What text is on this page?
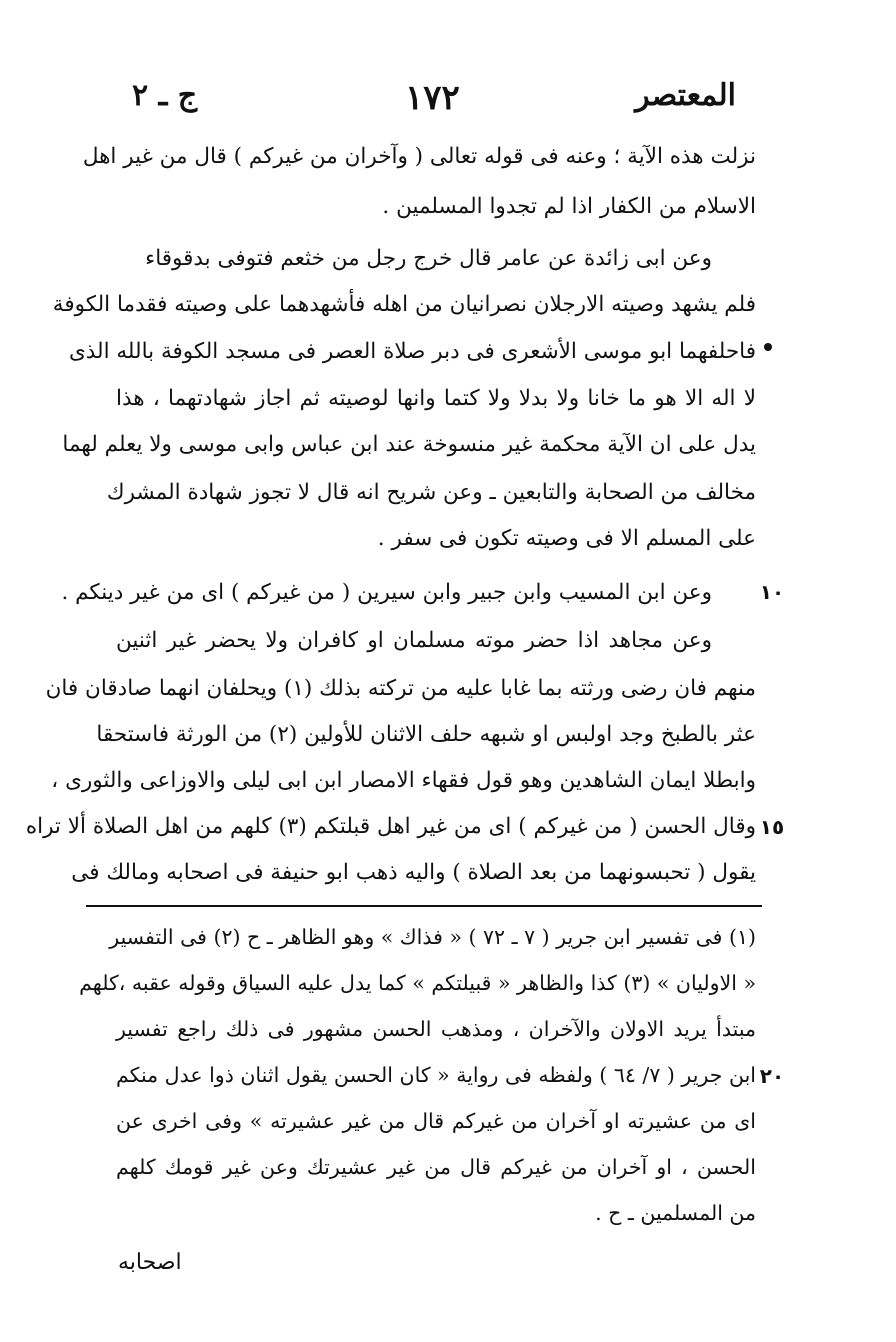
المعتصر
١٧٢
ج ـ ٢
نزلت هذه الآية ؛ وعنه فى قوله تعالى ( وآخران من غيركم ) قال من غير اهل
الاسلام من الكفار اذا لم تجدوا المسلمين .
وعن ابى زائدة عن عامر قال خرج رجل من خثعم فتوفى بدقوقاء
فلم يشهد وصيته الارجلان نصرانيان من اهله فأشهدهما على وصيته فقدما الكوفة
فاحلفهما ابو موسى الأشعرى فى دبر صلاة العصر فى مسجد الكوفة بالله الذى
لا اله الا هو ما خانا ولا بدلا ولا كتما وانها لوصيته ثم اجاز شهادتهما ، هذا
يدل على ان الآية محكمة غير منسوخة عند ابن عباس وابى موسى ولا يعلم لهما
مخالف من الصحابة والتابعين ـ وعن شريح انه قال لا تجوز شهادة المشرك
على المسلم الا فى وصيته تكون فى سفر .
١٠
وعن ابن المسيب وابن جبير وابن سيرين ( من غيركم ) اى من غير دينكم .
وعن مجاهد اذا حضر موته مسلمان او كافران ولا يحضر غير اثنين
منهم فان رضى ورثته بما غابا عليه من تركته بذلك (١) ويحلفان انهما صادقان فان
عثر بالطبخ وجد اولبس او شبهه حلف الاثنان للأولين (٢) من الورثة فاستحقا
وابطلا ايمان الشاهدين وهو قول فقهاء الامصار ابن ابى ليلى والاوزاعى والثورى ،
١٥
وقال الحسن ( من غيركم ) اى من غير اهل قبلتكم (٣) كلهم من اهل الصلاة ألا تراه
يقول ( تحبسونهما من بعد الصلاة ) واليه ذهب ابو حنيفة فى اصحابه ومالك فى
(١) فى تفسير ابن جرير ( ٧ ـ ٧٢ ) « فذاك » وهو الظاهر ـ ح (٢) فى التفسير
« الاوليان » (٣) كذا والظاهر « قبيلتكم » كما يدل عليه السياق وقوله عقبه ،كلهم
مبتدأ يريد الاولان والآخران ، ومذهب الحسن مشهور فى ذلك راجع تفسير
٢٠
ابن جرير ( ٧/ ٦٤ ) ولفظه فى رواية « كان الحسن يقول اثنان ذوا عدل منكم
اى من عشيرته او آخران من غيركم قال من غير عشيرته » وفى اخرى عن
الحسن ، او آخران من غيركم قال من غير عشيرتك وعن غير قومك كلهم
من المسلمين ـ ح .
اصحابه
